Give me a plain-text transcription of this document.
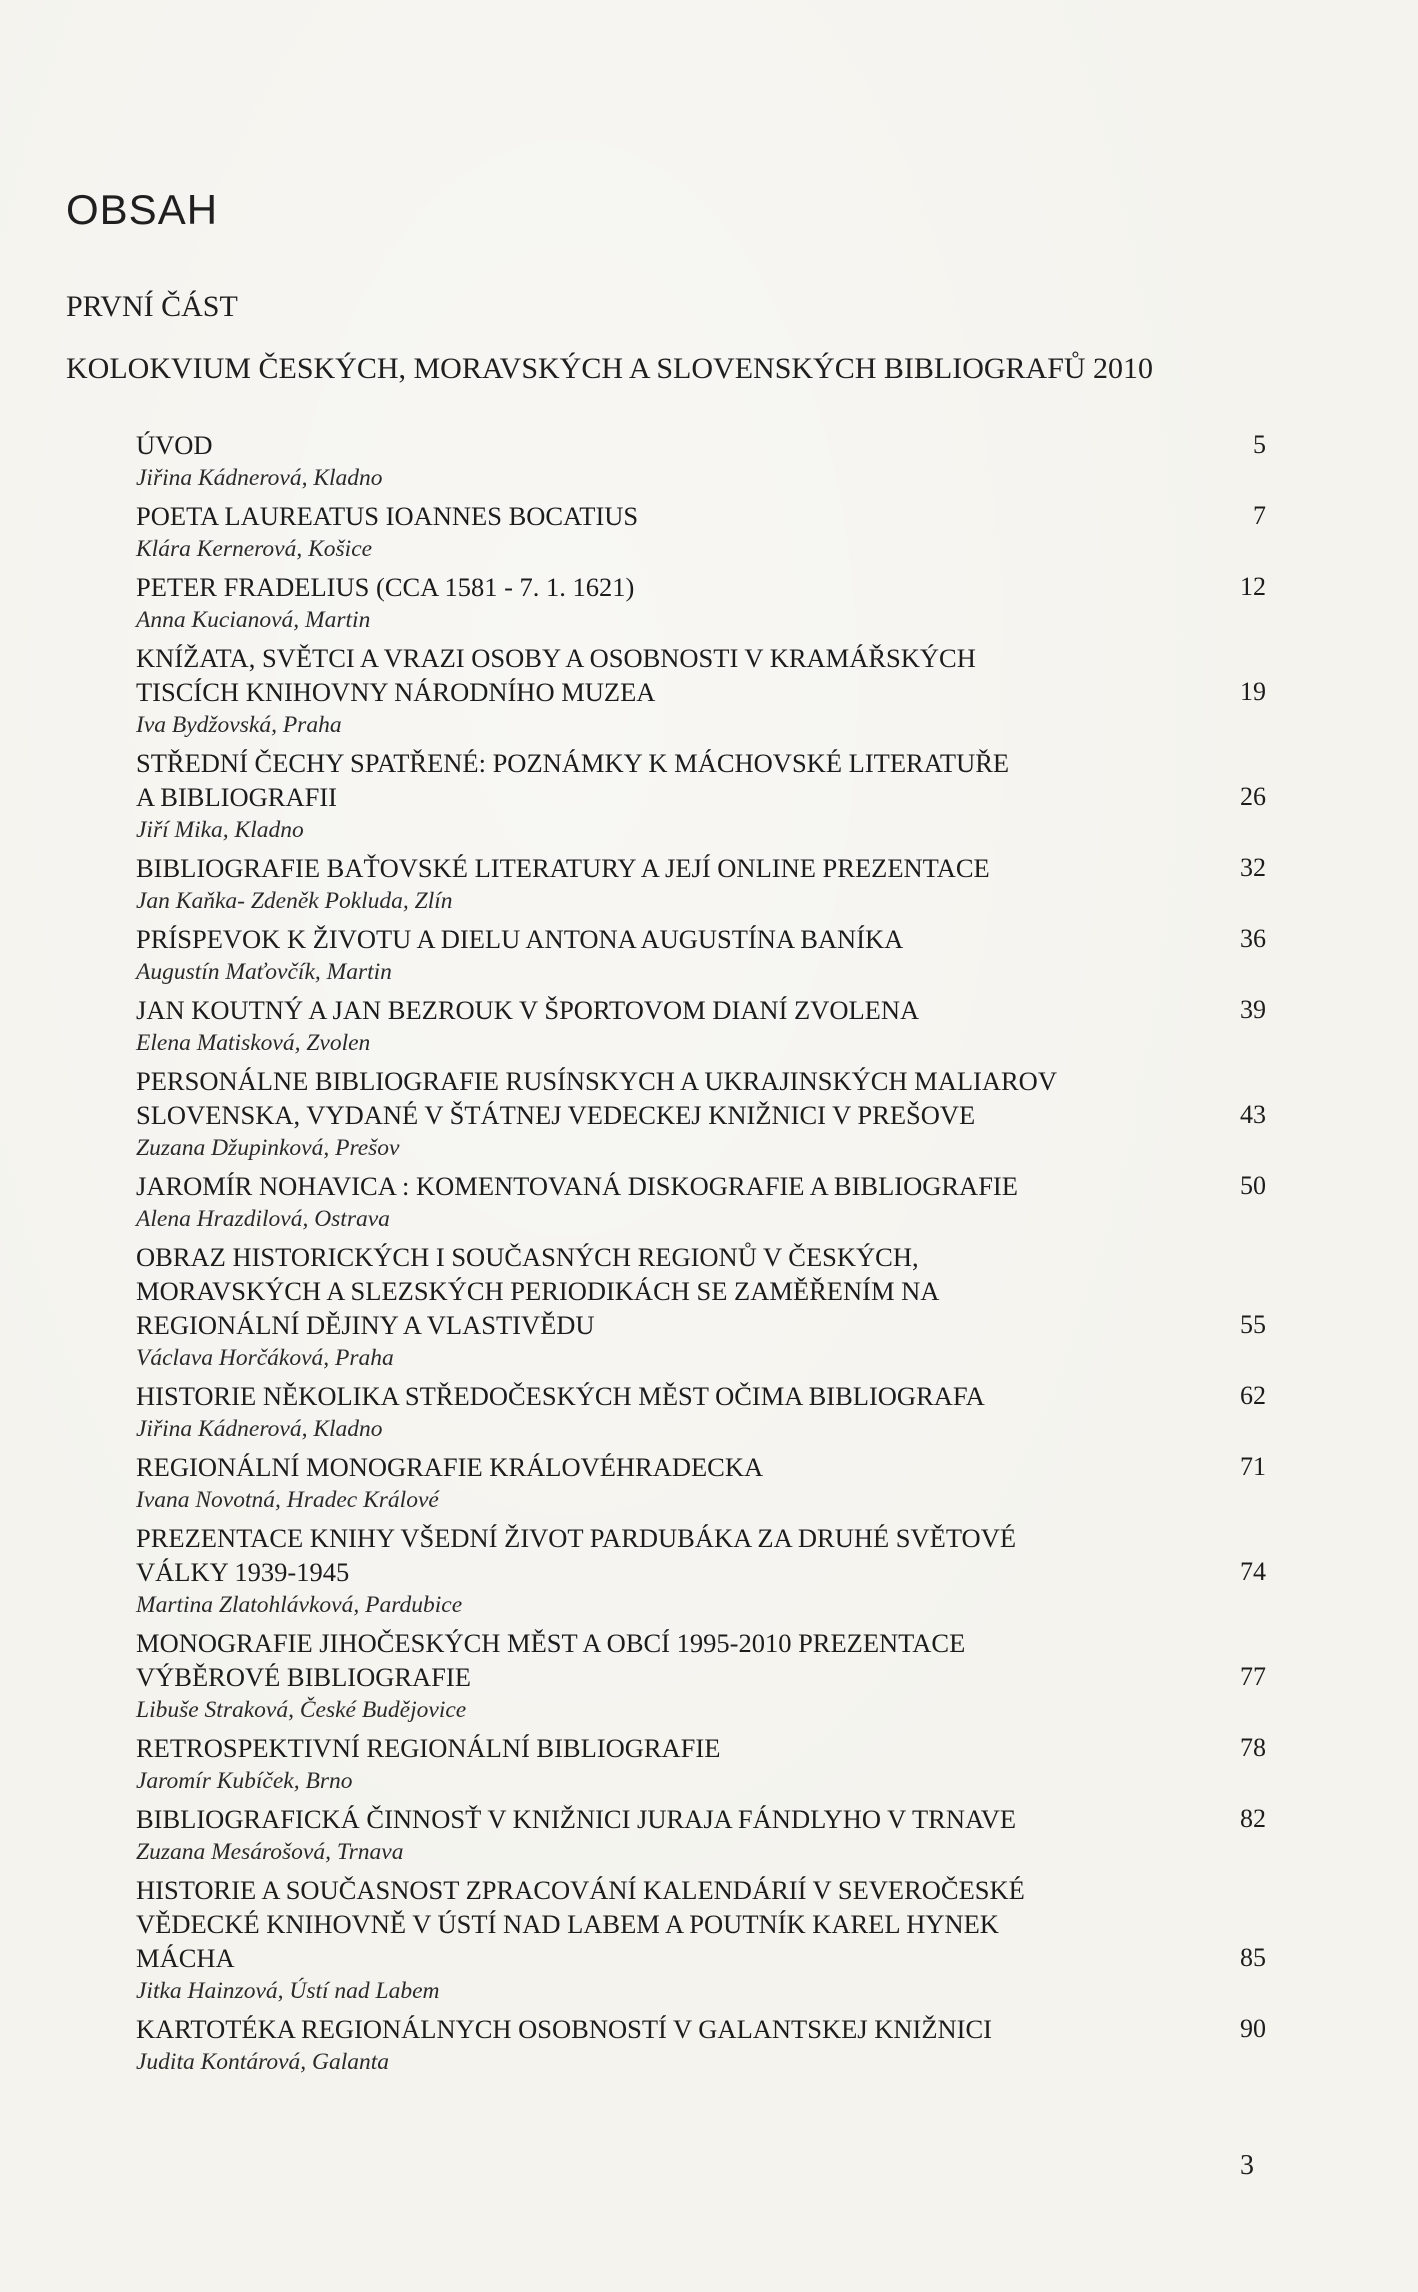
OBSAH
PRVNÍ ČÁST
KOLOKVIUM ČESKÝCH, MORAVSKÝCH A SLOVENSKÝCH BIBLIOGRAFŮ 2010
ÚVOD	5
Jiřina Kádnerová, Kladno
POETA LAUREATUS IOANNES BOCATIUS	7
Klára Kernerová, Košice
PETER FRADELIUS (CCA 1581 - 7. 1. 1621)	12
Anna Kucianová, Martin
KNÍŽATA, SVĚTCI A VRAZI OSOBY A OSOBNOSTI V KRAMÁŘSKÝCH
TISCÍCH KNIHOVNY NÁRODNÍHO MUZEA	19
Iva Bydžovská, Praha
STŘEDNÍ ČECHY SPATŘENÉ: POZNÁMKY K MÁCHOVSKÉ LITERATUŘE
A BIBLIOGRAFII	26
Jiří Mika, Kladno
BIBLIOGRAFIE BAŤOVSKÉ LITERATURY A JEJÍ ONLINE PREZENTACE	32
Jan Kaňka- Zdeněk Pokluda, Zlín
PRÍSPEVOK K ŽIVOTU A DIELU ANTONA AUGUSTÍNA BANÍKA	36
Augustín Maťovčík, Martin
JAN KOUTNÝ A JAN BEZROUK V ŠPORTOVOM DIANÍ ZVOLENA	39
Elena Matisková, Zvolen
PERSONÁLNE BIBLIOGRAFIE RUSÍNSKYCH A UKRAJINSKÝCH MALIAROV
SLOVENSKA, VYDANÉ V ŠTÁTNEJ VEDECKEJ KNIŽNICI V PREŠOVE	43
Zuzana Džupinková, Prešov
JAROMÍR NOHAVICA : KOMENTOVANÁ DISKOGRAFIE A BIBLIOGRAFIE	50
Alena Hrazdilová, Ostrava
OBRAZ HISTORICKÝCH I SOUČASNÝCH REGIONŮ V ČESKÝCH,
MORAVSKÝCH A SLEZSKÝCH PERIODIKÁCH SE ZAMĚŘENÍM NA
REGIONÁLNÍ DĚJINY A VLASTIVĚDU	55
Václava Horčáková, Praha
HISTORIE NĚKOLIKA STŘEDOČESKÝCH MĚST OČIMA BIBLIOGRAFA	62
Jiřina Kádnerová, Kladno
REGIONÁLNÍ MONOGRAFIE KRÁLOVÉHRADECKA	71
Ivana Novotná, Hradec Králové
PREZENTACE KNIHY VŠEDNÍ ŽIVOT PARDUBÁKA ZA DRUHÉ SVĚTOVÉ
VÁLKY 1939-1945	74
Martina Zlatohlávková, Pardubice
MONOGRAFIE JIHOČESKÝCH MĚST A OBCÍ 1995-2010 PREZENTACE
VÝBĚROVÉ BIBLIOGRAFIE	77
Libuše Straková, České Budějovice
RETROSPEKTIVNÍ REGIONÁLNÍ BIBLIOGRAFIE	78
Jaromír Kubíček, Brno
BIBLIOGRAFICKÁ ČINNOSŤ V KNIŽNICI JURAJA FÁNDLYHO V TRNAVE	82
Zuzana Mesárošová, Trnava
HISTORIE A SOUČASNOST ZPRACOVÁNÍ KALENDÁRIÍ V SEVEROČESKÉ
VĚDECKÉ KNIHOVNĚ V ÚSTÍ NAD LABEM A POUTNÍK KAREL HYNEK
MÁCHA	85
Jitka Hainzová, Ústí nad Labem
KARTOTÉKA REGIONÁLNYCH OSOBNOSTÍ V GALANTSKEJ KNIŽNICI	90
Judita Kontárová, Galanta
3
